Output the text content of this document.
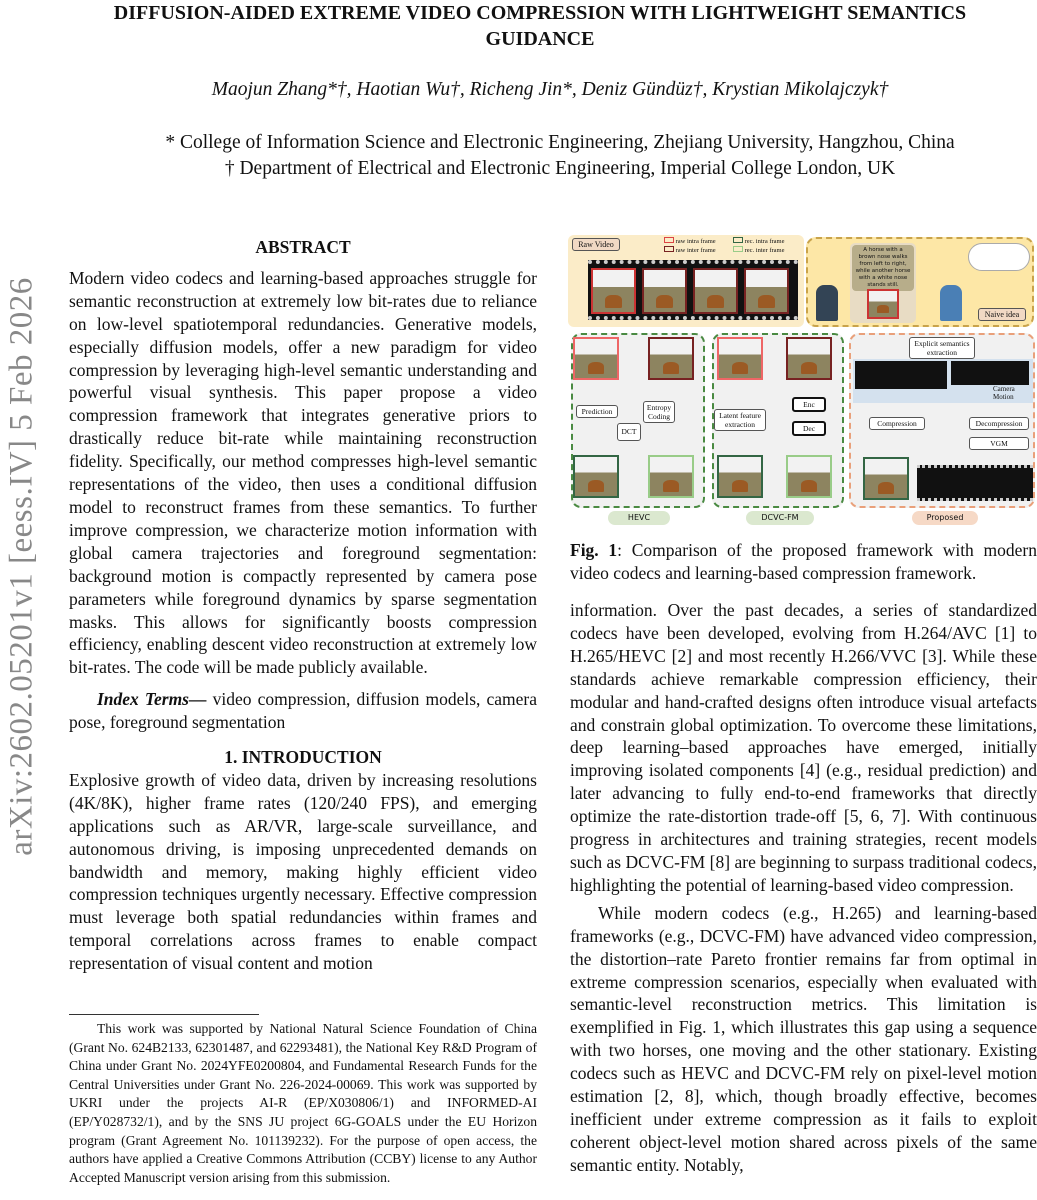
DIFFUSION-AIDED EXTREME VIDEO COMPRESSION WITH LIGHTWEIGHT SEMANTICS GUIDANCE
Maojun Zhang*†, Haotian Wu†, Richeng Jin*, Deniz Gündüz†, Krystian Mikolajczyk†
* College of Information Science and Electronic Engineering, Zhejiang University, Hangzhou, China
† Department of Electrical and Electronic Engineering, Imperial College London, UK
arXiv:2602.05201v1 [eess.IV] 5 Feb 2026
ABSTRACT

Modern video codecs and learning-based approaches struggle for semantic reconstruction at extremely low bit-rates due to reliance on low-level spatiotemporal redundancies. Generative models, especially diffusion models, offer a new paradigm for video compression by leveraging high-level semantic understanding and powerful visual synthesis. This paper propose a video compression framework that integrates generative priors to drastically reduce bit-rate while maintaining reconstruction fidelity. Specifically, our method compresses high-level semantic representations of the video, then uses a conditional diffusion model to reconstruct frames from these semantics. To further improve compression, we characterize motion information with global camera trajectories and foreground segmentation: background motion is compactly represented by camera pose parameters while foreground dynamics by sparse segmentation masks. This allows for significantly boosts compression efficiency, enabling descent video reconstruction at extremely low bit-rates. The code will be made publicly available.

Index Terms— video compression, diffusion models, camera pose, foreground segmentation

1. INTRODUCTION

Explosive growth of video data, driven by increasing resolutions (4K/8K), higher frame rates (120/240 FPS), and emerging applications such as AR/VR, large-scale surveillance, and autonomous driving, is imposing unprecedented demands on bandwidth and memory, making highly efficient video compression techniques urgently necessary. Effective compression must leverage both spatial redundancies within frames and temporal correlations across frames to enable compact representation of visual content and motion

This work was supported by National Natural Science Foundation of China (Grant No. 624B2133, 62301487, and 62293481), the National Key R&D Program of China under Grant No. 2024YFE0200804, and Fundamental Research Funds for the Central Universities under Grant No. 226-2024-00069. This work was supported by UKRI under the projects AI-R (EP/X030806/1) and INFORMED-AI (EP/Y028732/1), and by the SNS JU project 6G-GOALS under the EU Horizon program (Grant Agreement No. 101139232). For the purpose of open access, the authors have applied a Creative Commons Attribution (CCBY) license to any Author Accepted Manuscript version arising from this submission.

Raw Video	raw intra frame
raw inter frame
rec. intra frame
rec. inter frame	A horse with a brown nose walks from left to right, while another horse with a white nose stands still.
Naive idea
Prediction
DCT
Entropy Coding
HEVC
Latent feature extraction
Enc
Dec
DCVC-FM
Explicit semantics extraction
Camera Motion
Compression	Decompression
VGM
Proposed
Fig. 1: Comparison of the proposed framework with modern video codecs and learning-based compression framework.

information. Over the past decades, a series of standardized codecs have been developed, evolving from H.264/AVC [1] to H.265/HEVC [2] and most recently H.266/VVC [3]. While these standards achieve remarkable compression efficiency, their modular and hand-crafted designs often introduce visual artefacts and constrain global optimization. To overcome these limitations, deep learning–based approaches have emerged, initially improving isolated components [4] (e.g., residual prediction) and later advancing to fully end-to-end frameworks that directly optimize the rate-distortion trade-off [5, 6, 7]. With continuous progress in architectures and training strategies, recent models such as DCVC-FM [8] are beginning to surpass traditional codecs, highlighting the potential of learning-based video compression.

While modern codecs (e.g., H.265) and learning-based frameworks (e.g., DCVC-FM) have advanced video compression, the distortion–rate Pareto frontier remains far from optimal in extreme compression scenarios, especially when evaluated with semantic-level reconstruction metrics. This limitation is exemplified in Fig. 1, which illustrates this gap using a sequence with two horses, one moving and the other stationary. Existing codecs such as HEVC and DCVC-FM rely on pixel-level motion estimation [2, 8], which, though broadly effective, becomes inefficient under extreme compression as it fails to exploit coherent object-level motion shared across pixels of the same semantic entity. Notably,
